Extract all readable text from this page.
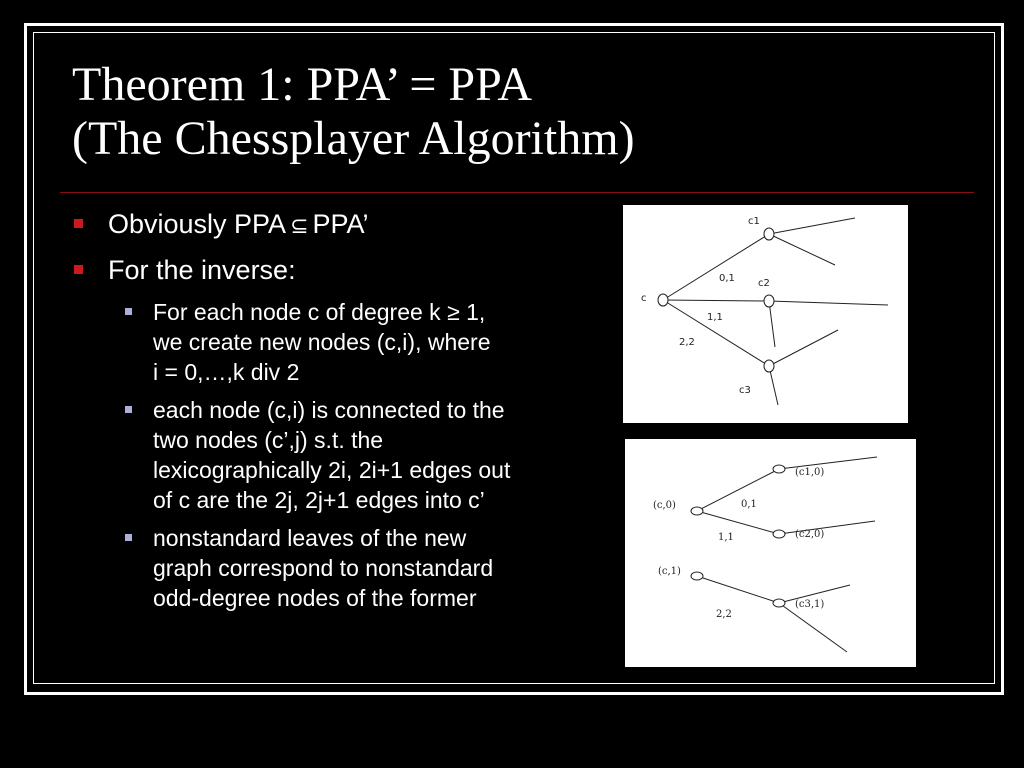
Theorem 1: PPA’ = PPA
(The Chessplayer Algorithm)
Obviously PPA ⊆ PPA’
For the inverse:
For each node c of degree k ≥ 1,
we create new nodes (c,i), where
i = 0,…,k div 2
each node (c,i) is connected to the
two nodes (c’,j) s.t. the
lexicographically 2i, 2i+1 edges out
of c are the 2j, 2j+1 edges into c’
nonstandard leaves of the new
graph correspond to nonstandard
odd-degree nodes of the former
c
c1
c2
c3
0,1
1,1
2,2
(c,0)
(c,1)
(c1,0)
(c2,0)
(c3,1)
0,1
1,1
2,2
